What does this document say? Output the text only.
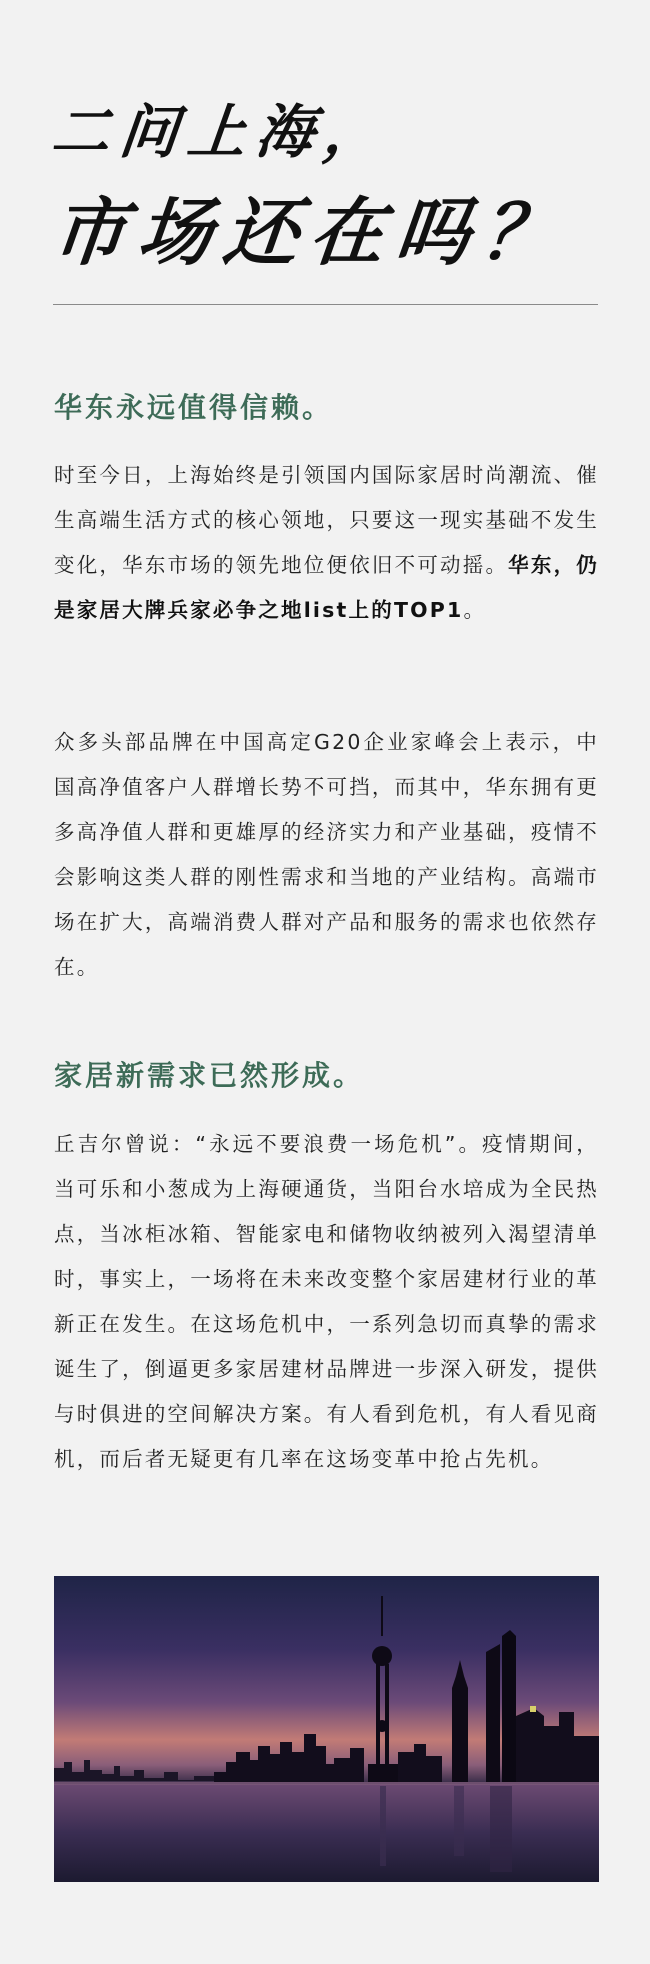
二问上海，
市场还在吗？
华东永远值得信赖。

时至今日，上海始终是引领国内国际家居时尚潮流、催生高端生活方式的核心领地，只要这一现实基础不发生变化，华东市场的领先地位便依旧不可动摇。华东，仍是家居大牌兵家必争之地list上的TOP1。

众多头部品牌在中国高定G20企业家峰会上表示，中国高净值客户人群增长势不可挡，而其中，华东拥有更多高净值人群和更雄厚的经济实力和产业基础，疫情不会影响这类人群的刚性需求和当地的产业结构。高端市场在扩大，高端消费人群对产品和服务的需求也依然存在。

家居新需求已然形成。

丘吉尔曾说：“永远不要浪费一场危机”。疫情期间，当可乐和小葱成为上海硬通货，当阳台水培成为全民热点，当冰柜冰箱、智能家电和储物收纳被列入渴望清单时，事实上，一场将在未来改变整个家居建材行业的革新正在发生。在这场危机中，一系列急切而真挚的需求诞生了，倒逼更多家居建材品牌进一步深入研发，提供与时俱进的空间解决方案。有人看到危机，有人看见商机，而后者无疑更有几率在这场变革中抢占先机。
